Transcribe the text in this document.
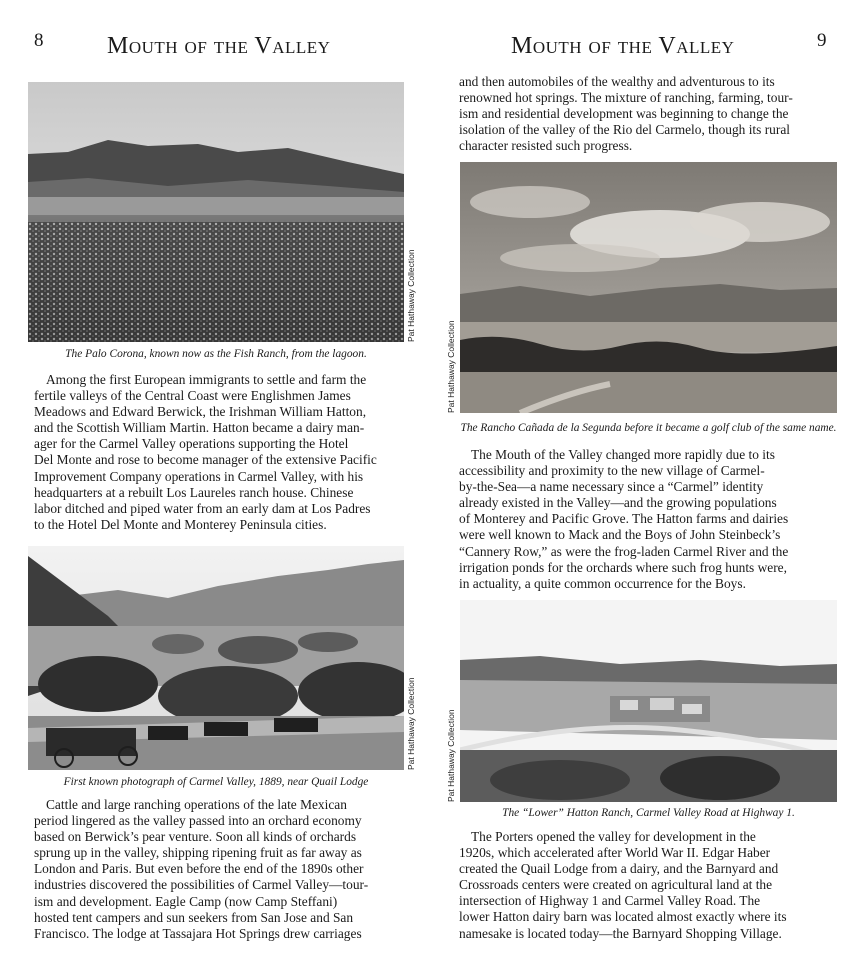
8	Mouth of the Valley
Pat Hathaway Collection
The Palo Corona, known now as the Fish Ranch, from the lagoon.
Among the first European immigrants to settle and farm the
fertile valleys of the Central Coast were Englishmen James
Meadows and Edward Berwick, the Irishman William Hatton,
and the Scottish William Martin. Hatton became a dairy man-
ager for the Carmel Valley operations supporting the Hotel
Del Monte and rose to become manager of the extensive Pacific
Improvement Company operations in Carmel Valley, with his
headquarters at a rebuilt Los Laureles ranch house. Chinese
labor ditched and piped water from an early dam at Los Padres
to the Hotel Del Monte and Monterey Peninsula cities.
Pat Hathaway Collection
First known photograph of Carmel Valley, 1889, near Quail Lodge
Cattle and large ranching operations of the late Mexican
period lingered as the valley passed into an orchard economy
based on Berwick’s pear venture. Soon all kinds of orchards
sprung up in the valley, shipping ripening fruit as far away as
London and Paris. But even before the end of the 1890s other
industries discovered the possibilities of Carmel Valley—tour-
ism and development. Eagle Camp (now Camp Steffani)
hosted tent campers and sun seekers from San Jose and San
Francisco. The lodge at Tassajara Hot Springs drew carriages
Mouth of the Valley	9
and then automobiles of the wealthy and adventurous to its
renowned hot springs. The mixture of ranching, farming, tour-
ism and residential development was beginning to change the
isolation of the valley of the Rio del Carmelo, though its rural
character resisted such progress.
Pat Hathaway Collection
The Rancho Cañada de la Segunda before it became a golf club of the same name.
The Mouth of the Valley changed more rapidly due to its
accessibility and proximity to the new village of Carmel-
by-the-Sea—a name necessary since a “Carmel” identity
already existed in the Valley—and the growing populations
of Monterey and Pacific Grove. The Hatton farms and dairies
were well known to Mack and the Boys of John Steinbeck’s
“Cannery Row,” as were the frog-laden Carmel River and the
irrigation ponds for the orchards where such frog hunts were,
in actuality, a quite common occurrence for the Boys.
Pat Hathaway Collection
The “Lower” Hatton Ranch, Carmel Valley Road at Highway 1.
The Porters opened the valley for development in the
1920s, which accelerated after World War II. Edgar Haber
created the Quail Lodge from a dairy, and the Barnyard and
Crossroads centers were created on agricultural land at the
intersection of Highway 1 and Carmel Valley Road. The
lower Hatton dairy barn was located almost exactly where its
namesake is located today—the Barnyard Shopping Village.
